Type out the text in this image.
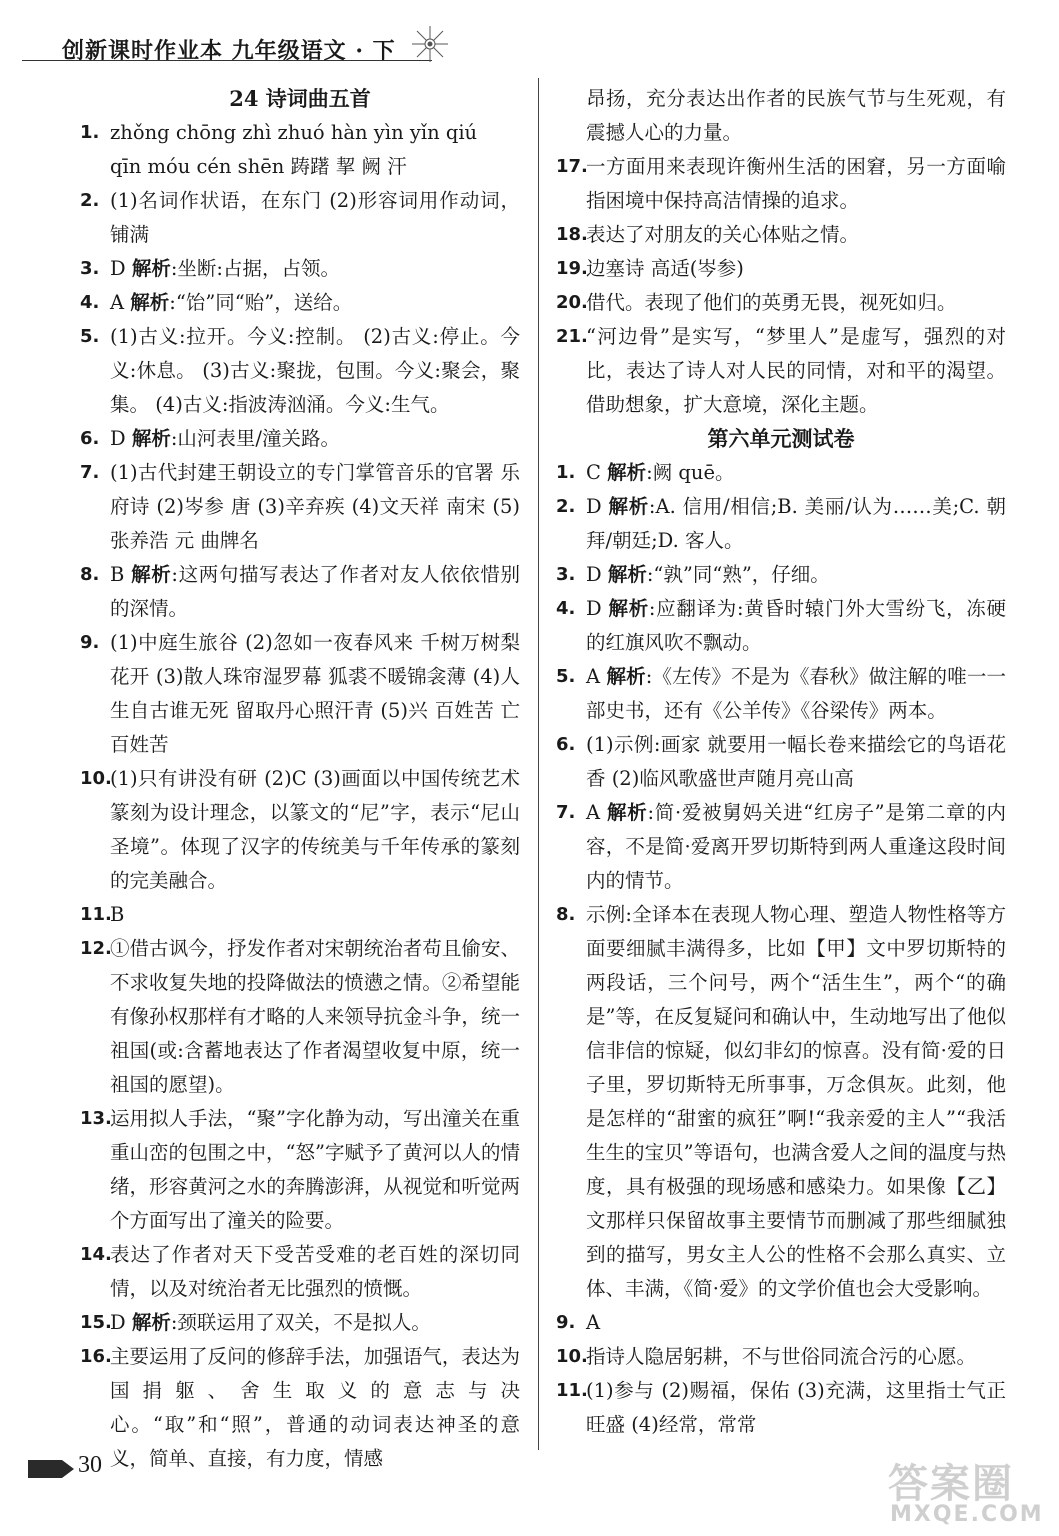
创新课时作业本 九年级语文 · 下
24 诗词曲五首
1. zhǒng chōng zhì zhuó hàn yìn yǐn qiú
qīn móu cén shēn 踌躇 挈 阙 汗
2. (1)名词作状语，在东门 (2)形容词用作动词，铺满
3. D 解析:坐断:占据，占领。
4. A 解析:“饴”同“贻”，送给。
5. (1)古义:拉开。今义:控制。 (2)古义:停止。今义:休息。 (3)古义:聚拢，包围。今义:聚会，聚集。 (4)古义:指波涛汹涌。今义:生气。
6. D 解析:山河表里/潼关路。
7. (1)古代封建王朝设立的专门掌管音乐的官署 乐府诗 (2)岑参 唐 (3)辛弃疾 (4)文天祥 南宋 (5)张养浩 元 曲牌名
8. B 解析:这两句描写表达了作者对友人依依惜别的深情。
9. (1)中庭生旅谷 (2)忽如一夜春风来 千树万树梨花开 (3)散人珠帘湿罗幕 狐裘不暖锦衾薄 (4)人生自古谁无死 留取丹心照汗青 (5)兴 百姓苦 亡 百姓苦
10.
(1)只有讲没有研 (2)C (3)画面以中国传统艺术篆刻为设计理念，以篆文的“尼”字，表示“尼山圣境”。体现了汉字的传统美与千年传承的篆刻的完美融合。
11.
B
12.
①借古讽今，抒发作者对宋朝统治者苟且偷安、不求收复失地的投降做法的愤懑之情。②希望能有像孙权那样有才略的人来领导抗金斗争，统一祖国(或:含蓄地表达了作者渴望收复中原，统一祖国的愿望)。
13.
运用拟人手法，“聚”字化静为动，写出潼关在重重山峦的包围之中，“怒”字赋予了黄河以人的情绪，形容黄河之水的奔腾澎湃，从视觉和听觉两个方面写出了潼关的险要。
14.
表达了作者对天下受苦受难的老百姓的深切同情，以及对统治者无比强烈的愤慨。
15.
D 解析:颈联运用了双关，不是拟人。
16.
主要运用了反问的修辞手法，加强语气，表达为国捐躯、舍生取义的意志与决心。“取”和“照”，普通的动词表达神圣的意义，简单、直接，有力度，情感
昂扬，充分表达出作者的民族气节与生死观，有震撼人心的力量。
17.
一方面用来表现许衡州生活的困窘，另一方面喻指困境中保持高洁情操的追求。
18.
表达了对朋友的关心体贴之情。
19.
边塞诗 高适(岑参)
20.
借代。表现了他们的英勇无畏，视死如归。
21.
“河边骨”是实写，“梦里人”是虚写，强烈的对比，表达了诗人对人民的同情，对和平的渴望。借助想象，扩大意境，深化主题。
第六单元测试卷
1. C 解析:阙 quē。
2. D 解析:A. 信用/相信;B. 美丽/认为……美;C. 朝拜/朝廷;D. 客人。
3. D 解析:“孰”同“熟”，仔细。
4. D 解析:应翻译为:黄昏时辕门外大雪纷飞，冻硬的红旗风吹不飘动。
5. A 解析:《左传》不是为《春秋》做注解的唯一一部史书，还有《公羊传》《谷梁传》两本。
6. (1)示例:画家 就要用一幅长卷来描绘它的鸟语花香 (2)临风歌盛世声随月亮山高
7. A 解析:简·爱被舅妈关进“红房子”是第二章的内容，不是简·爱离开罗切斯特到两人重逢这段时间内的情节。
8. 示例:全译本在表现人物心理、塑造人物性格等方面要细腻丰满得多，比如【甲】文中罗切斯特的两段话，三个问号，两个“活生生”，两个“的确是”等，在反复疑问和确认中，生动地写出了他似信非信的惊疑，似幻非幻的惊喜。没有简·爱的日子里，罗切斯特无所事事，万念俱灰。此刻，他是怎样的“甜蜜的疯狂”啊!“我亲爱的主人”“我活生生的宝贝”等语句，也满含爱人之间的温度与热度，具有极强的现场感和感染力。如果像【乙】文那样只保留故事主要情节而删减了那些细腻独到的描写，男女主人公的性格不会那么真实、立体、丰满，《简·爱》的文学价值也会大受影响。
9. A
10.
指诗人隐居躬耕，不与世俗同流合污的心愿。
11.
(1)参与 (2)赐福，保佑 (3)充满，这里指士气正旺盛 (4)经常，常常
30	答案圈
MXQE.COM
